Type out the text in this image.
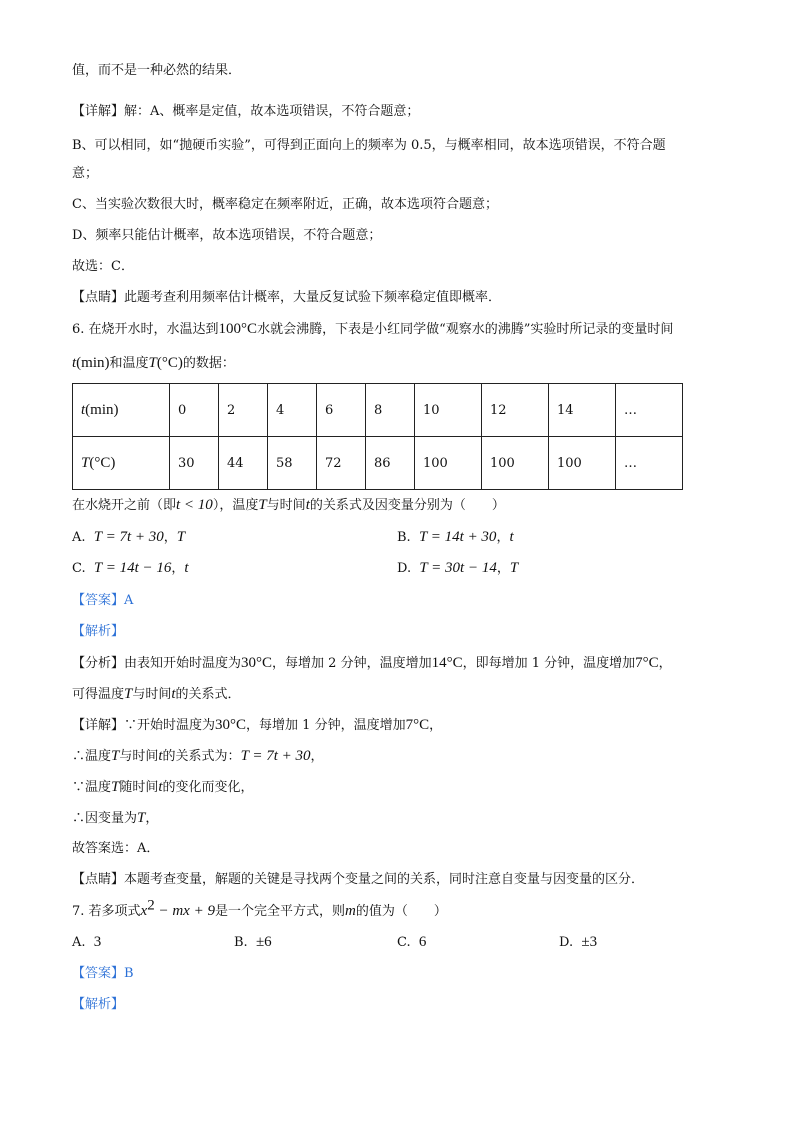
值，而不是一种必然的结果．
【详解】解：A、概率是定值，故本选项错误，不符合题意；
B、可以相同，如“抛硬币实验”，可得到正面向上的频率为 0.5，与概率相同，故本选项错误，不符合题
意；
C、当实验次数很大时，概率稳定在频率附近，正确，故本选项符合题意；
D、频率只能估计概率，故本选项错误，不符合题意；
故选：C．
【点睛】此题考查利用频率估计概率，大量反复试验下频率稳定值即概率．
6. 在烧开水时，水温达到100°C水就会沸腾，下表是小红同学做“观察水的沸腾”实验时所记录的变量时间
t(min)和温度T(°C)的数据：
t(min)	0	2	4	6	8	10	12	14	…
T(°C)	30	44	58	72	86	100	100	100	…
在水烧开之前（即t < 10），温度T与时间t的关系式及因变量分别为（　　）
A. T = 7t + 30，T	B. T = 14t + 30，t
C. T = 14t − 16，t	D. T = 30t − 14，T
【答案】A
【解析】
【分析】由表知开始时温度为30°C，每增加 2 分钟，温度增加14°C，即每增加 1 分钟，温度增加7°C，
可得温度T与时间t的关系式．
【详解】∵开始时温度为30°C，每增加 1 分钟，温度增加7°C，
∴温度T与时间t的关系式为：T = 7t + 30，
∵温度T随时间t的变化而变化，
∴因变量为T，
故答案选：A．
【点睛】本题考查变量，解题的关键是寻找两个变量之间的关系，同时注意自变量与因变量的区分．
7. 若多项式$x^2$ − mx + 9是一个完全平方式，则m的值为（　　）
A. 3	B. ±6	C. 6	D. ±3
【答案】B
【解析】
